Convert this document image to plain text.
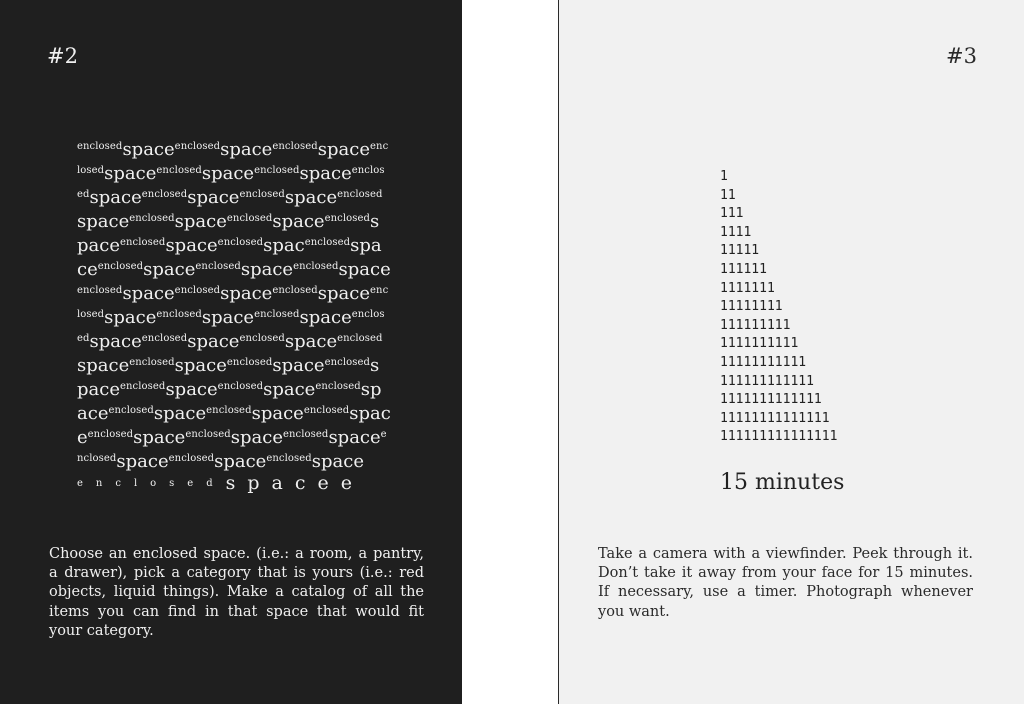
#2
$^{enclosed}$space$^{enclosed}$space$^{enclosed}$space$^{enc}$
$^{losed}$space$^{enclosed}$space$^{enclosed}$space$^{enclos}$
$^{ed}$space$^{enclosed}$space$^{enclosed}$space$^{enclosed}$
space$^{enclosed}$space$^{enclosed}$space$^{enclosed}$s
pace$^{enclosed}$space$^{enclosed}$spac$^{enclosed}$spa
$ce^{enclosed}space^{enclosed}space^{enclosed}space$
$^{enclosed}$space$^{enclosed}$space$^{enclosed}$space$^{enc}$
$^{losed}$space$^{enclosed}$space$^{enclosed}$space$^{enclos}$
$^{ed}$space$^{enclosed}$space$^{enclosed}$space$^{enclosed}$
space$^{enclosed}$space$^{enclosed}$space$^{enclosed}$s
pace$^{enclosed}$space$^{enclosed}$space$^{enclosed}$sp
ace$^{enclosed}$space$^{enclosed}$space$^{enclosed}$spac
$e^{enclosed}space^{enclosed}space^{enclosed}space^e$
$^{nclosed}$space$^{enclosed}$space$^{enclosed}$space
enclosedspacee

Choose an enclosed space. (i.e.: a room, a pantry, a drawer), pick a category that is yours (i.e.: red objects, liquid things). Make a catalog of all the items you can find in that space that would fit your category.

#3
1
11
111
1111
11111
111111
1111111
11111111
111111111
1111111111
11111111111
111111111111
1111111111111
11111111111111
111111111111111
15 minutes

Take a camera with a viewfinder. Peek through it. Don’t take it away from your face for 15 minutes. If necessary, use a timer. Photograph whenever you want.
